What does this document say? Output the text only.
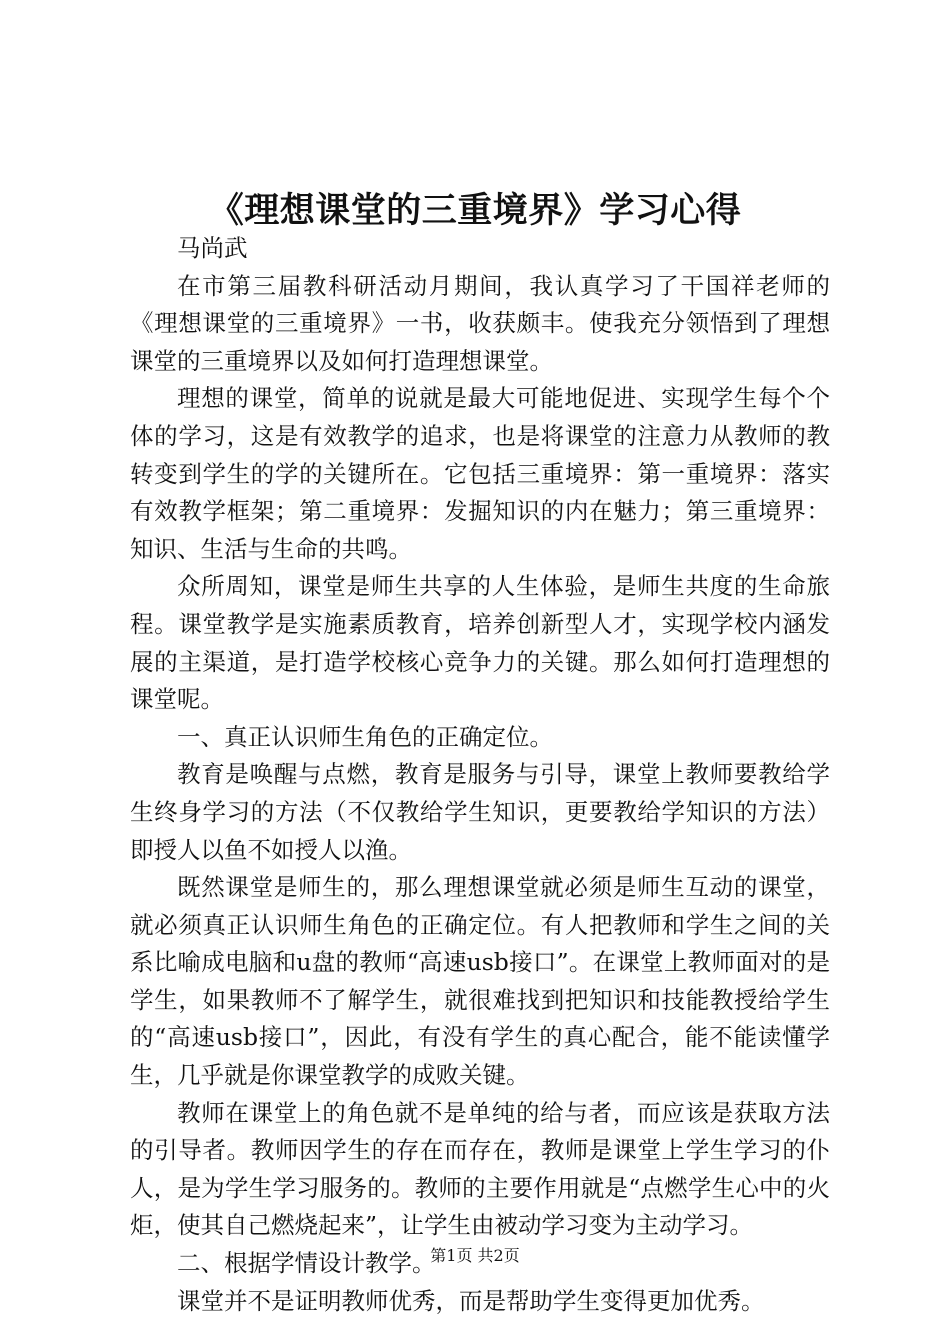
《理想课堂的三重境界》学习心得

马尚武

在市第三届教科研活动月期间，我认真学习了干国祥老师的《理想课堂的三重境界》一书，收获颇丰。使我充分领悟到了理想课堂的三重境界以及如何打造理想课堂。

理想的课堂，简单的说就是最大可能地促进、实现学生每个个体的学习，这是有效教学的追求，也是将课堂的注意力从教师的教转变到学生的学的关键所在。它包括三重境界：第一重境界：落实有效教学框架；第二重境界：发掘知识的内在魅力；第三重境界：知识、生活与生命的共鸣。

众所周知，课堂是师生共享的人生体验，是师生共度的生命旅程。课堂教学是实施素质教育，培养创新型人才，实现学校内涵发展的主渠道，是打造学校核心竞争力的关键。那么如何打造理想的课堂呢。

一、真正认识师生角色的正确定位。

教育是唤醒与点燃，教育是服务与引导，课堂上教师要教给学生终身学习的方法（不仅教给学生知识，更要教给学知识的方法）即授人以鱼不如授人以渔。

既然课堂是师生的，那么理想课堂就必须是师生互动的课堂，就必须真正认识师生角色的正确定位。有人把教师和学生之间的关系比喻成电脑和u盘的教师“高速usb接口”。在课堂上教师面对的是学生，如果教师不了解学生，就很难找到把知识和技能教授给学生的“高速usb接口”，因此，有没有学生的真心配合，能不能读懂学生，几乎就是你课堂教学的成败关键。

教师在课堂上的角色就不是单纯的给与者，而应该是获取方法的引导者。教师因学生的存在而存在，教师是课堂上学生学习的仆人，是为学生学习服务的。教师的主要作用就是“点燃学生心中的火炬，使其自己燃烧起来”，让学生由被动学习变为主动学习。

二、根据学情设计教学。

课堂并不是证明教师优秀，而是帮助学生变得更加优秀。

第1页 共2页
